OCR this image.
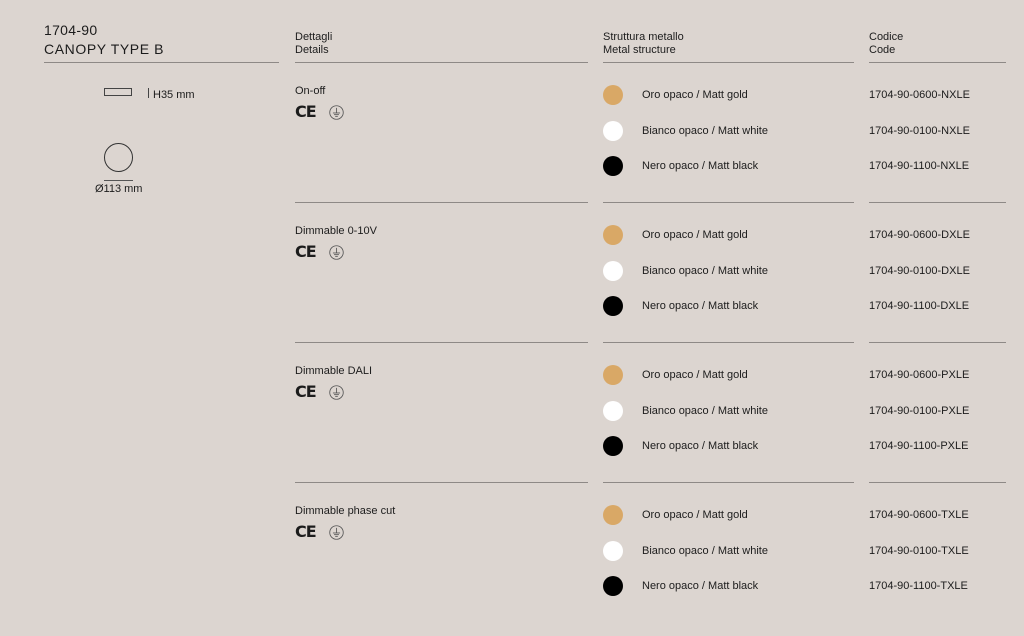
1704-90
CANOPY TYPE B
Dettagli
Details
Struttura metallo
Metal structure
Codice
Code
H35 mm
Ø113 mm
On-off
CE
Oro opaco / Matt gold	1704-90-0600-NXLE
Bianco opaco / Matt white	1704-90-0100-NXLE
Nero opaco / Matt black	1704-90-1100-NXLE
Dimmable 0-10V
CE
Oro opaco / Matt gold	1704-90-0600-DXLE
Bianco opaco / Matt white	1704-90-0100-DXLE
Nero opaco / Matt black	1704-90-1100-DXLE
Dimmable DALI
CE
Oro opaco / Matt gold	1704-90-0600-PXLE
Bianco opaco / Matt white	1704-90-0100-PXLE
Nero opaco / Matt black	1704-90-1100-PXLE
Dimmable phase cut
CE
Oro opaco / Matt gold	1704-90-0600-TXLE
Bianco opaco / Matt white	1704-90-0100-TXLE
Nero opaco / Matt black	1704-90-1100-TXLE
